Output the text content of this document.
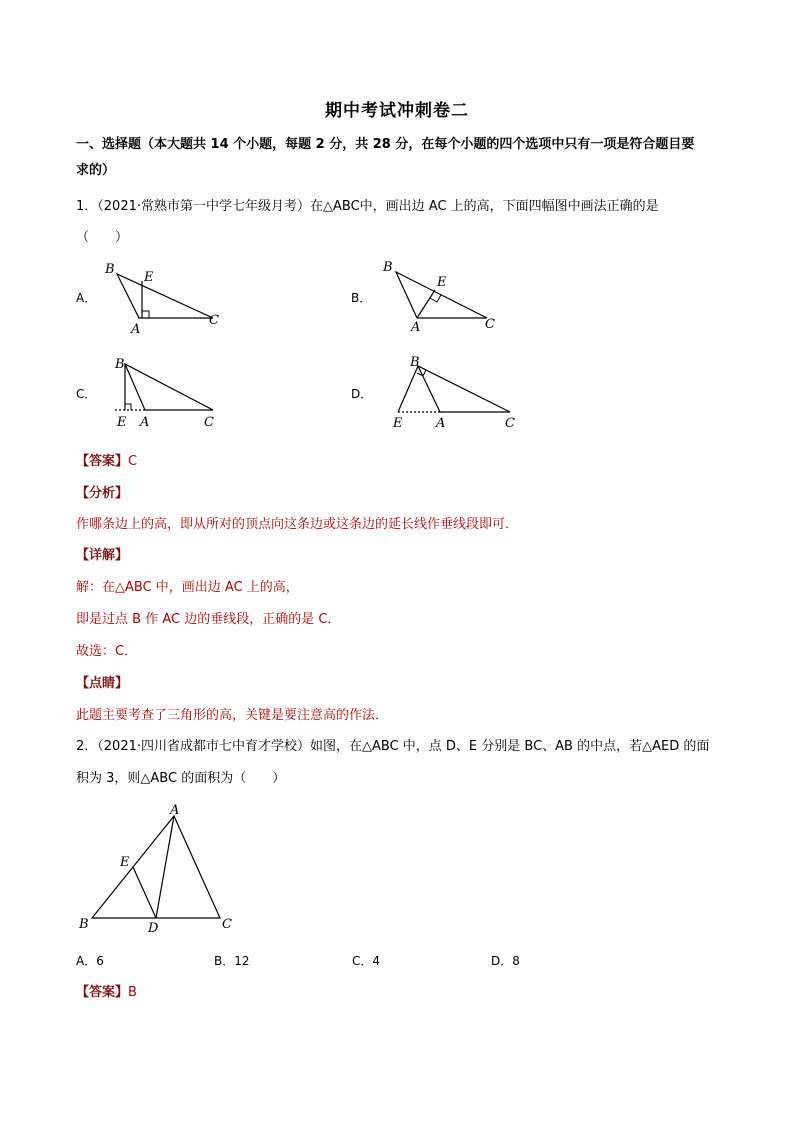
期中考试冲刺卷二
一、选择题（本大题共 14 个小题，每题 2 分，共 28 分，在每个小题的四个选项中只有一项是符合题目要
求的）
1．（2021·常熟市第一中学七年级月考）在△ABC中，画出边 AC 上的高，下面四幅图中画法正确的是
（　　）
A．	B．
C．	D．
B
E
A
C
B
E
A	C
B
E A	C
B
E	A	C
【答案】C
【分析】
作哪条边上的高，即从所对的顶点向这条边或这条边的延长线作垂线段即可．
【详解】
解：在△ABC 中，画出边 AC 上的高，
即是过点 B 作 AC 边的垂线段，正确的是 C．
故选：C．
【点睛】
此题主要考查了三角形的高，关键是要注意高的作法．
2．（2021·四川省成都市七中育才学校）如图，在△ABC 中，点 D、E 分别是 BC、AB 的中点，若△AED 的面
积为 3，则△ABC 的面积为（　　）
A
E
B	D	C
A．6	B．12	C．4	D．8
【答案】B
